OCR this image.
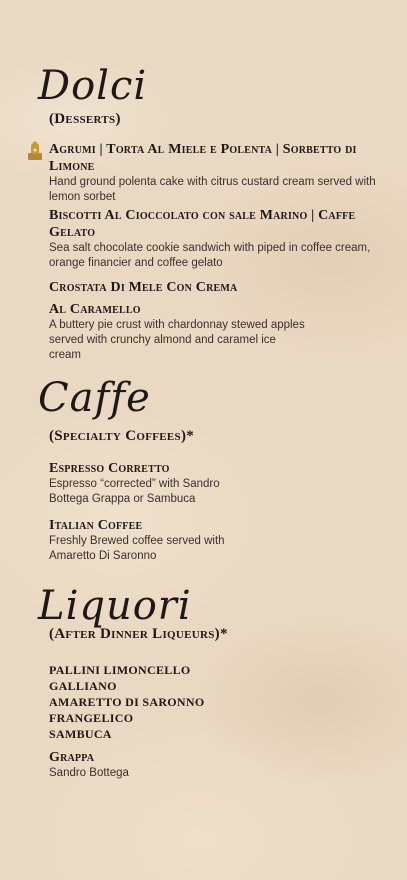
Dolci
(Desserts)
Agrumi | Torta Al Miele e Polenta | Sorbetto di Limone
Hand ground polenta cake with citrus custard cream served with lemon sorbet
Biscotti Al Cioccolato con sale Marino | Caffe Gelato
Sea salt chocolate cookie sandwich with piped in coffee cream, orange financier and coffee gelato
Crostata Di Mele Con Crema
Al Caramello
A buttery pie crust with chardonnay stewed apples served with crunchy almond and caramel ice cream
Caffe
(Specialty Coffees)*
Espresso Corretto
Espresso “corrected” with Sandro Bottega Grappa or Sambuca
Italian Coffee
Freshly Brewed coffee served with Amaretto Di Saronno
Liquori
(After Dinner Liqueurs)*
PALLINI LIMONCELLO
GALLIANO
AMARETTO DI SARONNO
FRANGELICO
SAMBUCA
Grappa
Sandro Bottega
